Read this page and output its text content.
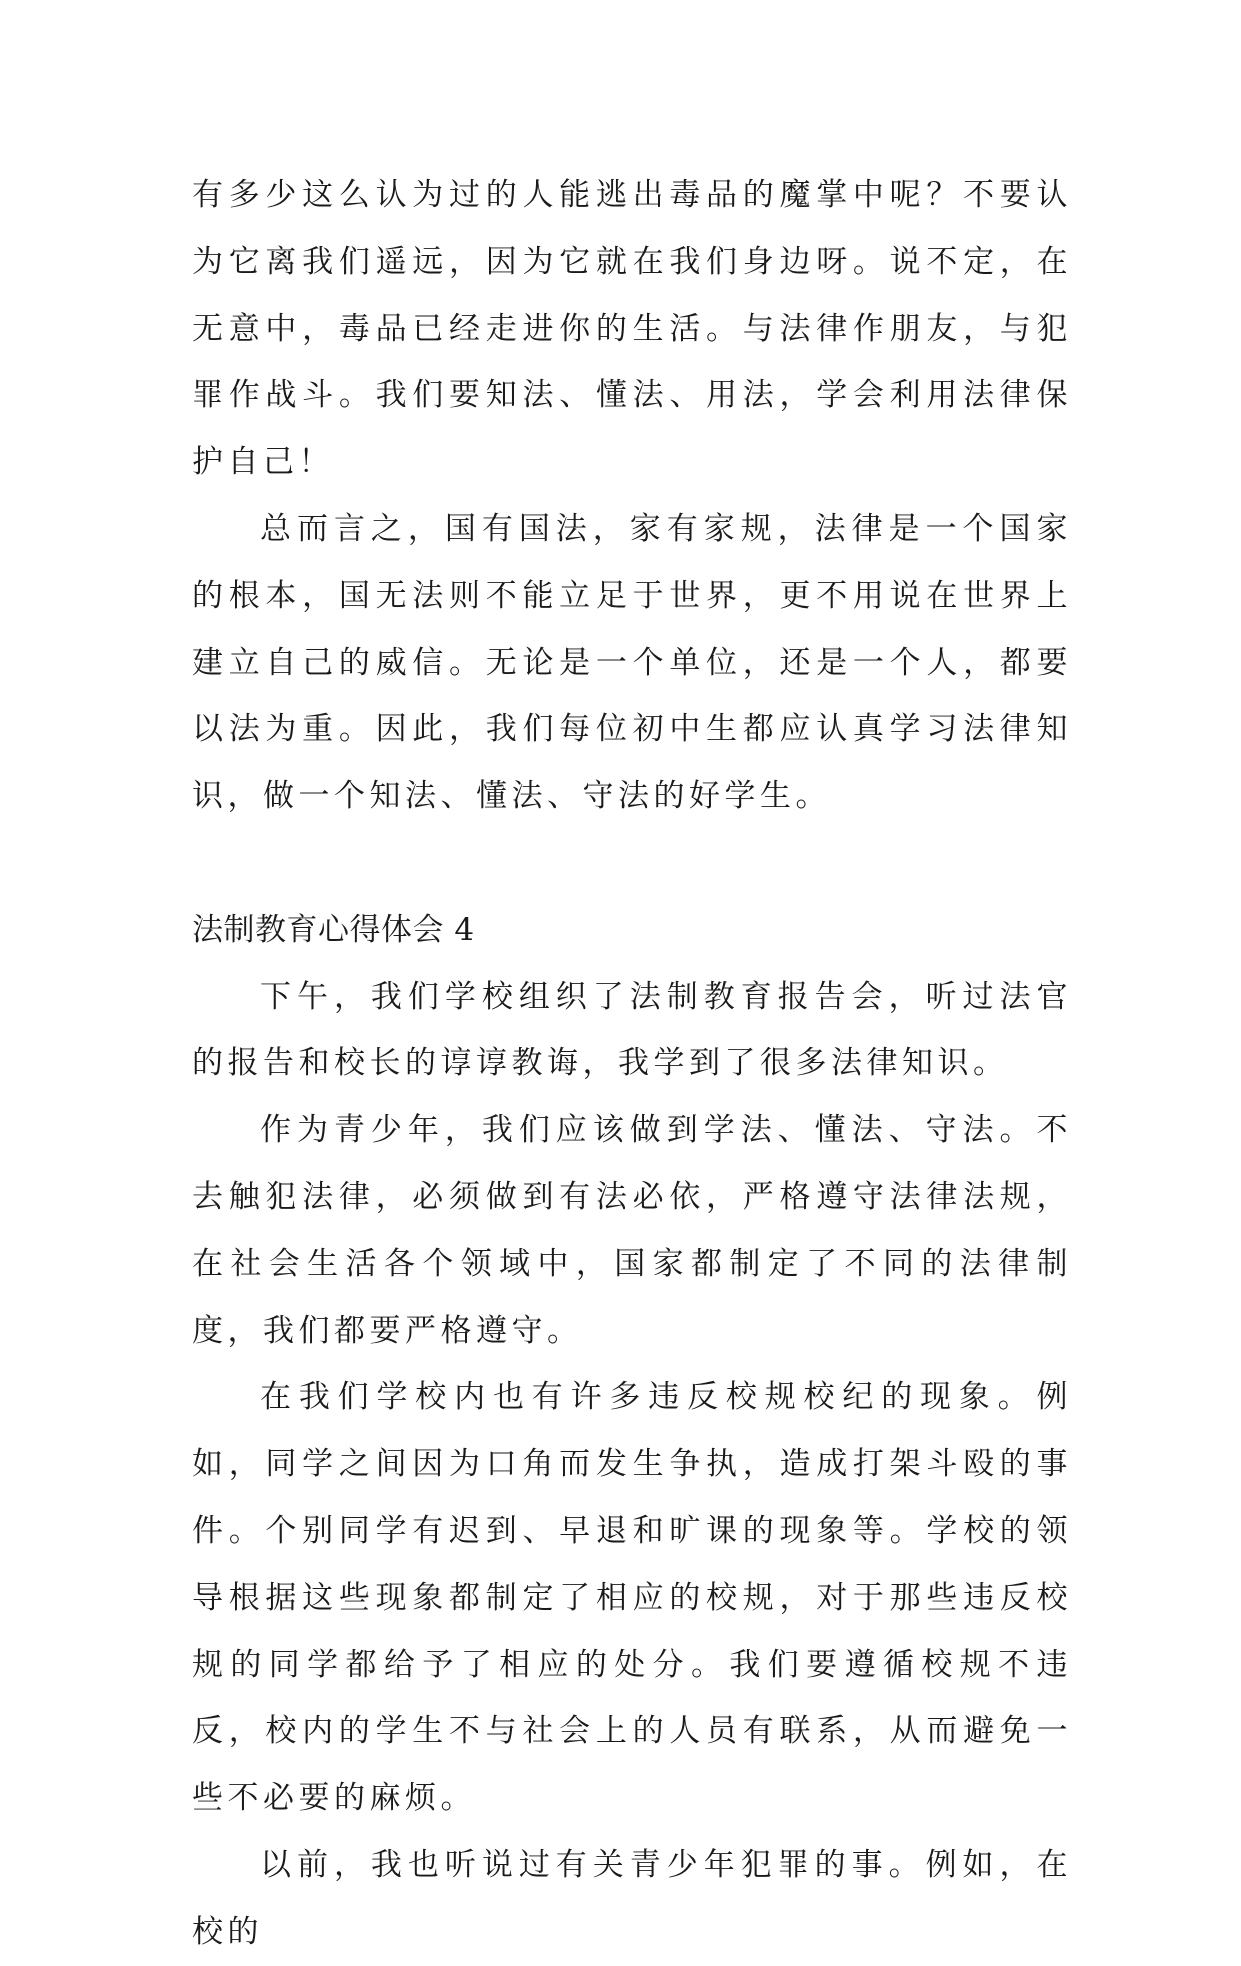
有多少这么认为过的人能逃出毒品的魔掌中呢？不要认为它离我们遥远，因为它就在我们身边呀。说不定，在无意中，毒品已经走进你的生活。与法律作朋友，与犯罪作战斗。我们要知法、懂法、用法，学会利用法律保护自己！

总而言之，国有国法，家有家规，法律是一个国家的根本，国无法则不能立足于世界，更不用说在世界上建立自己的威信。无论是一个单位，还是一个人，都要以法为重。因此，我们每位初中生都应认真学习法律知识，做一个知法、懂法、守法的好学生。

法制教育心得体会 4

下午，我们学校组织了法制教育报告会，听过法官的报告和校长的谆谆教诲，我学到了很多法律知识。

作为青少年，我们应该做到学法、懂法、守法。不去触犯法律，必须做到有法必依，严格遵守法律法规，在社会生活各个领域中，国家都制定了不同的法律制度，我们都要严格遵守。

在我们学校内也有许多违反校规校纪的现象。例如，同学之间因为口角而发生争执，造成打架斗殴的事件。个别同学有迟到、早退和旷课的现象等。学校的领导根据这些现象都制定了相应的校规，对于那些违反校规的同学都给予了相应的处分。我们要遵循校规不违反，校内的学生不与社会上的人员有联系，从而避免一些不必要的麻烦。

以前，我也听说过有关青少年犯罪的事。例如，在校的
